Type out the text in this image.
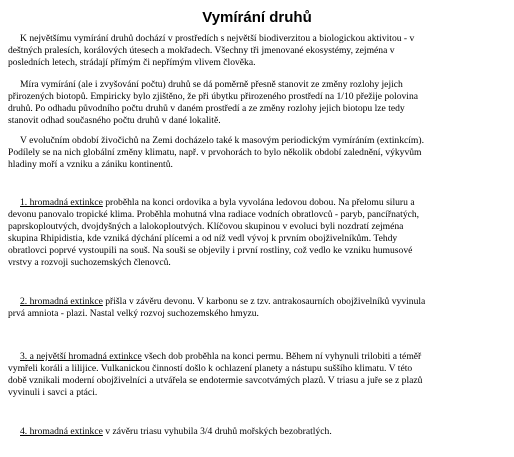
Vymírání druhů
K největšímu vymírání druhů dochází v prostředích s největší biodiverzitou a biologickou aktivitou - v
deštných pralesích, korálových útesech a mokřadech. Všechny tři jmenované ekosystémy, zejména v
posledních letech, strádají přímým či nepřímým vlivem člověka.
Míra vymírání (ale i zvyšování počtu) druhů se dá poměrně přesně stanovit ze změny rozlohy jejich
přirozených biotopů. Empiricky bylo zjištěno, že při úbytku přirozeného prostředí na 1/10 přežije polovina
druhů. Po odhadu původního počtu druhů v daném prostředí a ze změny rozlohy jejich biotopu lze tedy
stanovit odhad současného počtu druhů v dané lokalitě.
V evolučním období živočichů na Zemi docházelo také k masovým periodickým vymíráním (extinkcím).
Podílely se na nich globální změny klimatu, např. v prvohorách to bylo několik období zalednění, výkyvům
hladiny moří a vzniku a zániku kontinentů.
1. hromadná extinkce proběhla na konci ordovika a byla vyvolána ledovou dobou. Na přelomu siluru a
devonu panovalo tropické klima. Proběhla mohutná vlna radiace vodních obratlovců - paryb, pancířnatých,
paprskoploutvých, dvojdyšných a lalokoploutvých. Klíčovou skupinou v evoluci byli nozdratí zejména
skupina Rhipidistia, kde vzniká dýchání plícemi a od níž vedl vývoj k prvním obojživelníkům. Tehdy
obratlovci poprvé vystoupili na souš. Na souši se objevily i první rostliny, což vedlo ke vzniku humusové
vrstvy a rozvoji suchozemských členovců.
2. hromadná extinkce přišla v závěru devonu. V karbonu se z tzv. antrakosaurních obojživelníků vyvinula
prvá amniota - plazi. Nastal velký rozvoj suchozemského hmyzu.
3. a největší hromadná extinkce všech dob proběhla na konci permu. Během ní vyhynuli trilobiti a téměř
vymřeli koráli a lilijice. Vulkanickou činností došlo k ochlazení planety a nástupu suššího klimatu. V této
době vznikali moderní obojživelníci a utvářela se endotermie savcotvámých plazů. V triasu a juře se z plazů
vyvinuli i savci a ptáci.
4. hromadná extinkce v závěru triasu vyhubila 3/4 druhů mořských bezobratlých.
